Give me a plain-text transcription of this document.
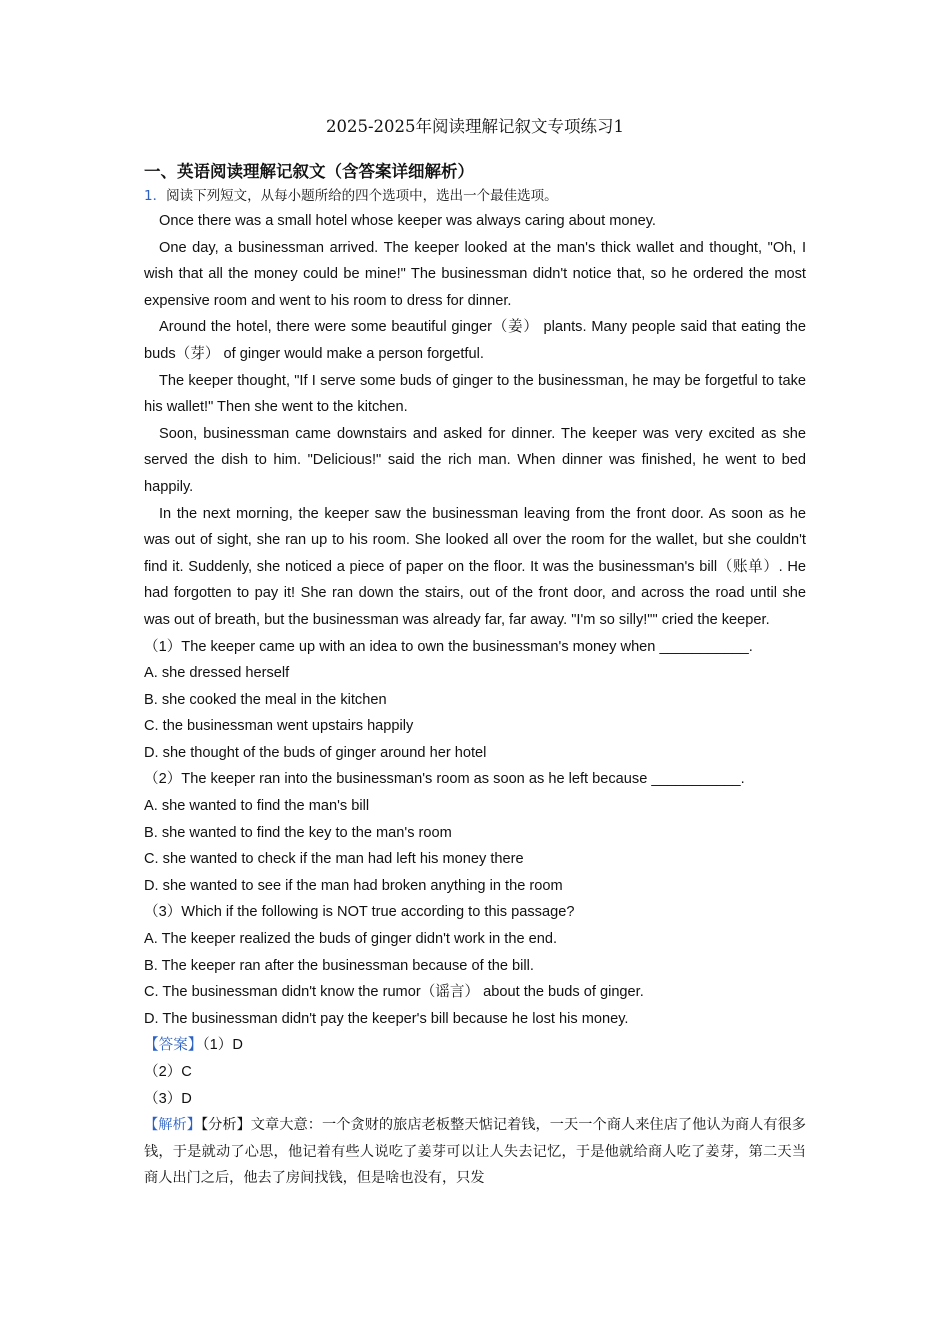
2025-2025年阅读理解记叙文专项练习1
一、英语阅读理解记叙文（含答案详细解析）
1．阅读下列短文，从每小题所给的四个选项中，选出一个最佳选项。

Once there was a small hotel whose keeper was always caring about money.

One day, a businessman arrived. The keeper looked at the man's thick wallet and thought, "Oh, I wish that all the money could be mine!" The businessman didn't notice that, so he ordered the most expensive room and went to his room to dress for dinner.

Around the hotel, there were some beautiful ginger（姜） plants. Many people said that eating the buds（芽） of ginger would make a person forgetful.

The keeper thought, "If I serve some buds of ginger to the businessman, he may be forgetful to take his wallet!" Then she went to the kitchen.

Soon, businessman came downstairs and asked for dinner. The keeper was very excited as she served the dish to him. "Delicious!" said the rich man. When dinner was finished, he went to bed happily.

In the next morning, the keeper saw the businessman leaving from the front door. As soon as he was out of sight, she ran up to his room. She looked all over the room for the wallet, but she couldn't find it. Suddenly, she noticed a piece of paper on the floor. It was the businessman's bill（账单）. He had forgotten to pay it! She ran down the stairs, out of the front door, and across the road until she was out of breath, but the businessman was already far, far away. "I'm so silly!"" cried the keeper.

（1）The keeper came up with an idea to own the businessman's money when ___________.
A. she dressed herself
B. she cooked the meal in the kitchen
C. the businessman went upstairs happily
D. she thought of the buds of ginger around her hotel
（2）The keeper ran into the businessman's room as soon as he left because ___________.
A. she wanted to find the man's bill
B. she wanted to find the key to the man's room
C. she wanted to check if the man had left his money there
D. she wanted to see if the man had broken anything in the room
（3）Which if the following is NOT true according to this passage?
A. The keeper realized the buds of ginger didn't work in the end.
B. The keeper ran after the businessman because of the bill.
C. The businessman didn't know the rumor（谣言） about the buds of ginger.
D. The businessman didn't pay the keeper's bill because he lost his money.
【答案】（1）D
（2）C
（3）D

【解析】【分析】文章大意：一个贪财的旅店老板整天惦记着钱，一天一个商人来住店了他认为商人有很多钱，于是就动了心思，他记着有些人说吃了姜芽可以让人失去记忆，于是他就给商人吃了姜芽，第二天当商人出门之后，他去了房间找钱，但是啥也没有，只发
